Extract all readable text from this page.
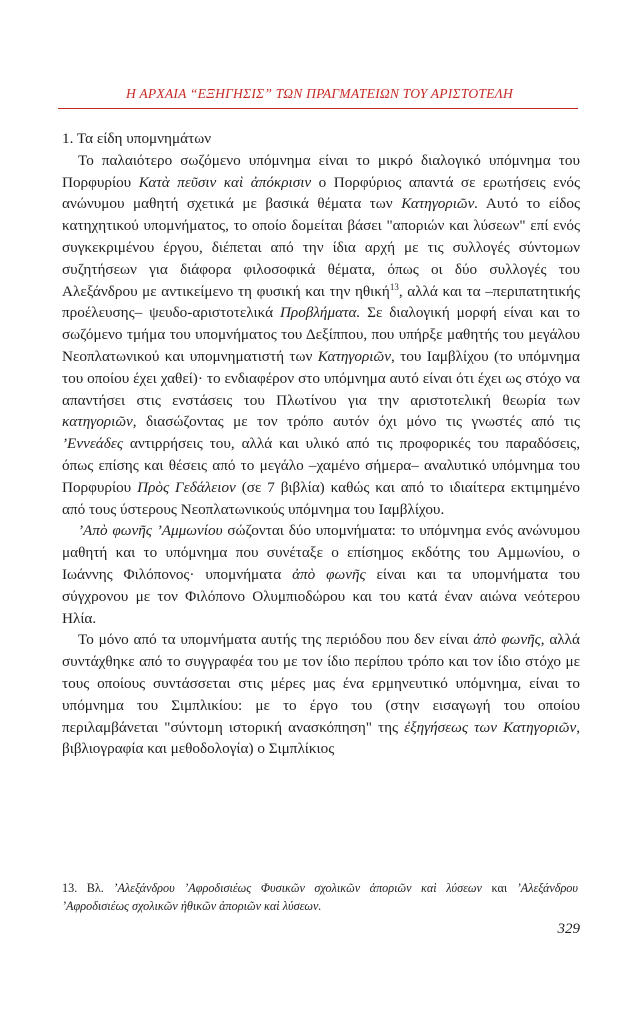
Η ΑΡΧΑΙΑ “ΕΞΗΓΗΣΙΣ” ΤΩΝ ΠΡΑΓΜΑΤΕΙΩΝ ΤΟΥ ΑΡΙΣΤΟΤΕΛΗ

1. Τα είδη υπομνημάτων

Το παλαιότερο σωζόμενο υπόμνημα είναι το μικρό διαλογικό υπόμνημα του Πορφυρίου Κατὰ πεῦσιν καὶ ἀπόκρισιν ο Πορφύριος απαντά σε ερωτήσεις ενός ανώνυμου μαθητή σχετικά με βασικά θέματα των Κατηγοριῶν. Αυτό το είδος κατηχητικού υπομνήματος, το οποίο δομείται βάσει "αποριών και λύσεων" επί ενός συγκεκριμένου έργου, διέπεται από την ίδια αρχή με τις συλλογές σύντομων συζητήσεων για διάφορα φιλοσοφικά θέματα, όπως οι δύο συλλογές του Αλεξάνδρου με αντικείμενο τη φυσική και την ηθική$^{13}$, αλλά και τα –περιπατητικής προέλευσης– ψευδο-αριστοτελικά Προβλήματα. Σε διαλογική μορφή είναι και το σωζόμενο τμήμα του υπομνήματος του Δεξίππου, που υπήρξε μαθητής του μεγάλου Νεοπλατωνικού και υπομνηματιστή των Κατηγοριῶν, του Ιαμβλίχου (το υπόμνημα του οποίου έχει χαθεί)· το ενδιαφέρον στο υπόμνημα αυτό είναι ότι έχει ως στόχο να απαντήσει στις ενστάσεις του Πλωτίνου για την αριστοτελική θεωρία των κατηγοριῶν, διασώζοντας με τον τρόπο αυτόν όχι μόνο τις γνωστές από τις ’Εννεάδες αντιρρήσεις του, αλλά και υλικό από τις προφορικές του παραδόσεις, όπως επίσης και θέσεις από το μεγάλο –χαμένο σήμερα– αναλυτικό υπόμνημα του Πορφυρίου Πρὸς Γεδάλειον (σε 7 βιβλία) καθώς και από το ιδιαίτερα εκτιμημένο από τους ύστερους Νεοπλατωνικούς υπόμνημα του Ιαμβλίχου.

’Απὸ φωνῆς ’Αμμωνίου σώζονται δύο υπομνήματα: το υπόμνημα ενός ανώνυμου μαθητή και το υπόμνημα που συνέταξε ο επίσημος εκδότης του Αμμωνίου, ο Ιωάννης Φιλόπονος· υπομνήματα ἀπὸ φωνῆς είναι και τα υπομνήματα του σύγχρονου με τον Φιλόπονο Ολυμπιοδώρου και του κατά έναν αιώνα νεότερου Ηλία.

Το μόνο από τα υπομνήματα αυτής της περιόδου που δεν είναι ἀπὸ φωνῆς, αλλά συντάχθηκε από το συγγραφέα του με τον ίδιο περίπου τρόπο και τον ίδιο στόχο με τους οποίους συντάσσεται στις μέρες μας ένα ερμηνευτικό υπόμνημα, είναι το υπόμνημα του Σιμπλικίου: με το έργο του (στην εισαγωγή του οποίου περιλαμβάνεται "σύντομη ιστορική ανασκόπηση" της ἐξηγήσεως των Κατηγοριῶν, βιβλιογραφία και μεθοδολογία) ο Σιμπλίκιος

13. Βλ. ’Αλεξάνδρου ’Αφροδισιέως Φυσικῶν σχολικῶν ἀποριῶν καὶ λύσεων και ’Αλεξάνδρου ’Αφροδισιέως σχολικῶν ἠθικῶν ἀποριῶν καὶ λύσεων.
329
